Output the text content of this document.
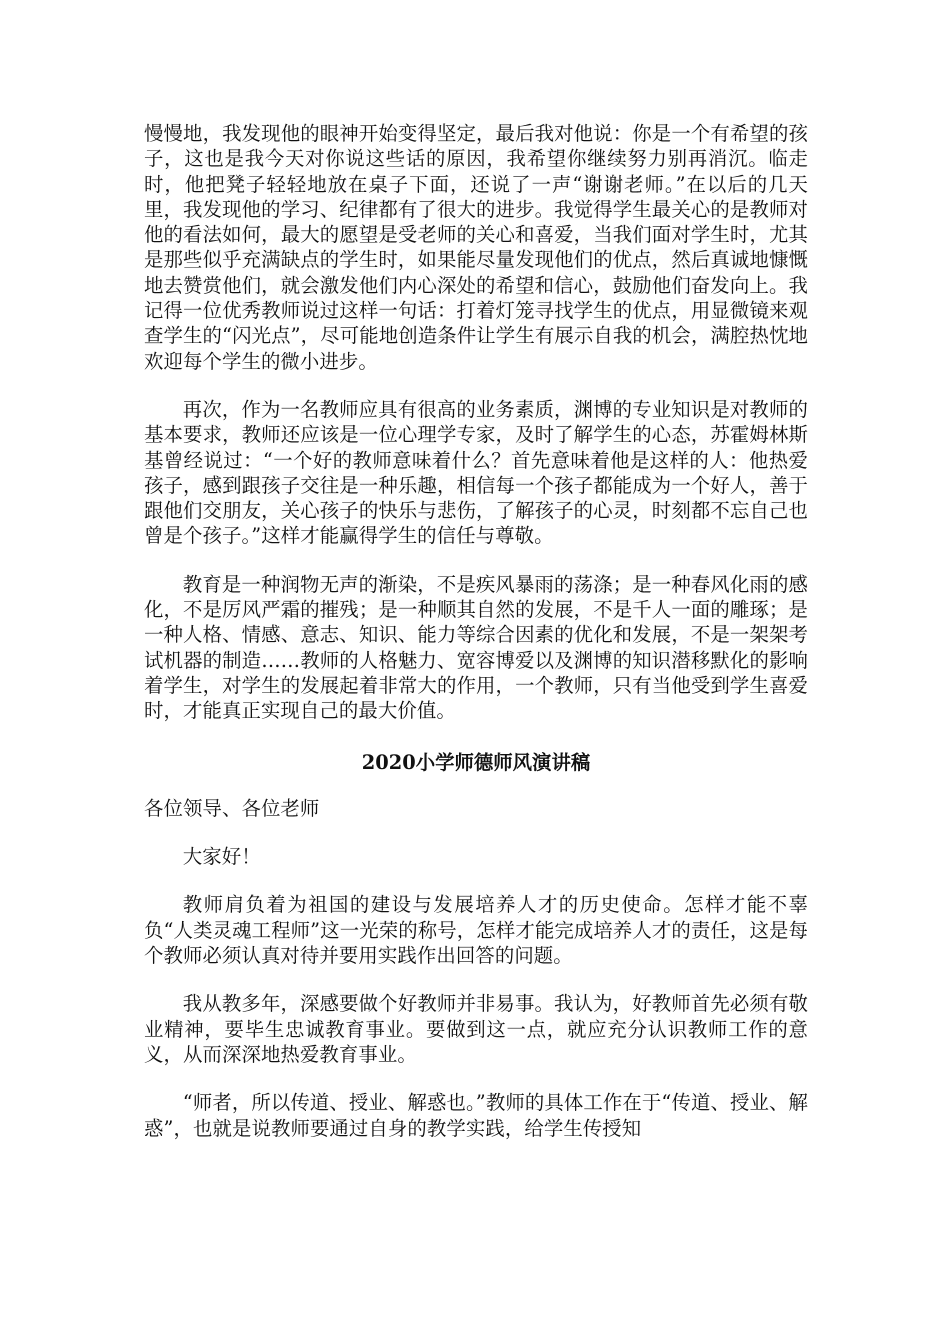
慢慢地，我发现他的眼神开始变得坚定，最后我对他说：你是一个有希望的孩子，这也是我今天对你说这些话的原因，我希望你继续努力别再消沉。临走时，他把凳子轻轻地放在桌子下面，还说了一声“谢谢老师。”在以后的几天里，我发现他的学习、纪律都有了很大的进步。我觉得学生最关心的是教师对他的看法如何，最大的愿望是受老师的关心和喜爱，当我们面对学生时，尤其是那些似乎充满缺点的学生时，如果能尽量发现他们的优点，然后真诚地慷慨地去赞赏他们，就会激发他们内心深处的希望和信心，鼓励他们奋发向上。我记得一位优秀教师说过这样一句话：打着灯笼寻找学生的优点，用显微镜来观查学生的“闪光点”，尽可能地创造条件让学生有展示自我的机会，满腔热忱地欢迎每个学生的微小进步。

再次，作为一名教师应具有很高的业务素质，渊博的专业知识是对教师的基本要求，教师还应该是一位心理学专家，及时了解学生的心态，苏霍姆林斯基曾经说过：“一个好的教师意味着什么？首先意味着他是这样的人：他热爱孩子，感到跟孩子交往是一种乐趣，相信每一个孩子都能成为一个好人，善于跟他们交朋友，关心孩子的快乐与悲伤，了解孩子的心灵，时刻都不忘自己也曾是个孩子。”这样才能赢得学生的信任与尊敬。

教育是一种润物无声的渐染，不是疾风暴雨的荡涤；是一种春风化雨的感化，不是厉风严霜的摧残；是一种顺其自然的发展，不是千人一面的雕琢；是一种人格、情感、意志、知识、能力等综合因素的优化和发展，不是一架架考试机器的制造……教师的人格魅力、宽容博爱以及渊博的知识潜移默化的影响着学生，对学生的发展起着非常大的作用，一个教师，只有当他受到学生喜爱时，才能真正实现自己的最大价值。

2020小学师德师风演讲稿

各位领导、各位老师

大家好！

教师肩负着为祖国的建设与发展培养人才的历史使命。怎样才能不辜负“人类灵魂工程师”这一光荣的称号，怎样才能完成培养人才的责任，这是每个教师必须认真对待并要用实践作出回答的问题。

我从教多年，深感要做个好教师并非易事。我认为，好教师首先必须有敬业精神，要毕生忠诚教育事业。要做到这一点，就应充分认识教师工作的意义，从而深深地热爱教育事业。

“师者，所以传道、授业、解惑也。”教师的具体工作在于“传道、授业、解惑”，也就是说教师要通过自身的教学实践，给学生传授知
